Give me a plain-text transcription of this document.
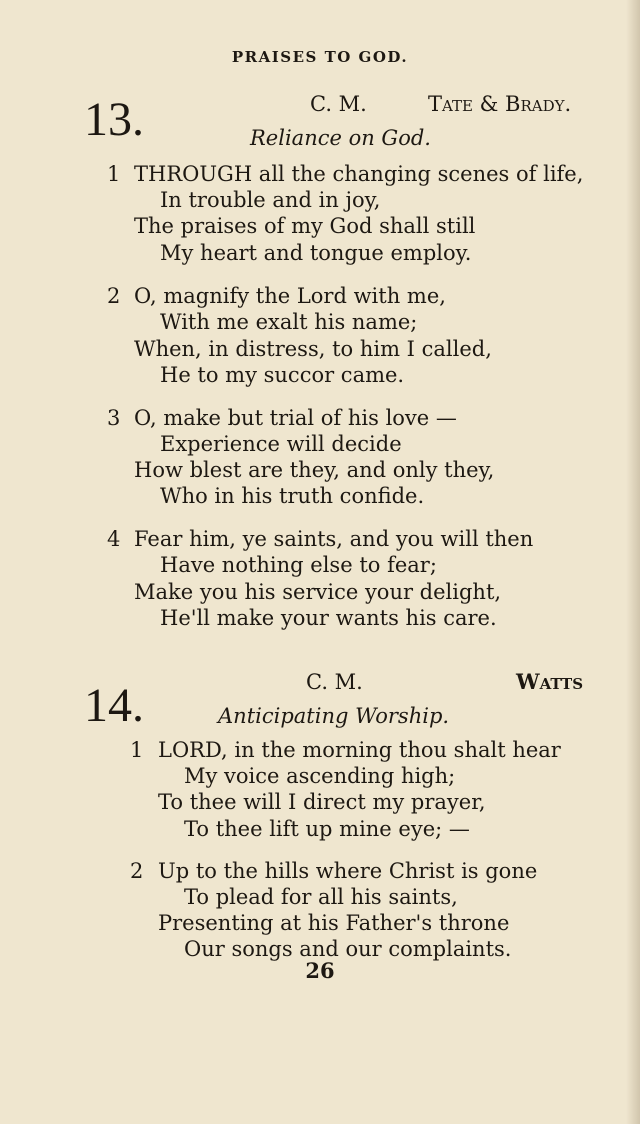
PRAISES TO GOD.
13.	C. M.	Tate & Brady.
Reliance on God.
1 THROUGH all the changing scenes of life,
In trouble and in joy,
The praises of my God shall still
My heart and tongue employ.
2 O, magnify the Lord with me,
With me exalt his name;
When, in distress, to him I called,
He to my succor came.
3 O, make but trial of his love —
Experience will decide
How blest are they, and only they,
Who in his truth confide.
4 Fear him, ye saints, and you will then
Have nothing else to fear;
Make you his service your delight,
He'll make your wants his care.
14.	C. M.	Watts
Anticipating Worship.
1 LORD, in the morning thou shalt hear
My voice ascending high;
To thee will I direct my prayer,
To thee lift up mine eye; —
2 Up to the hills where Christ is gone
To plead for all his saints,
Presenting at his Father's throne
Our songs and our complaints.
26
